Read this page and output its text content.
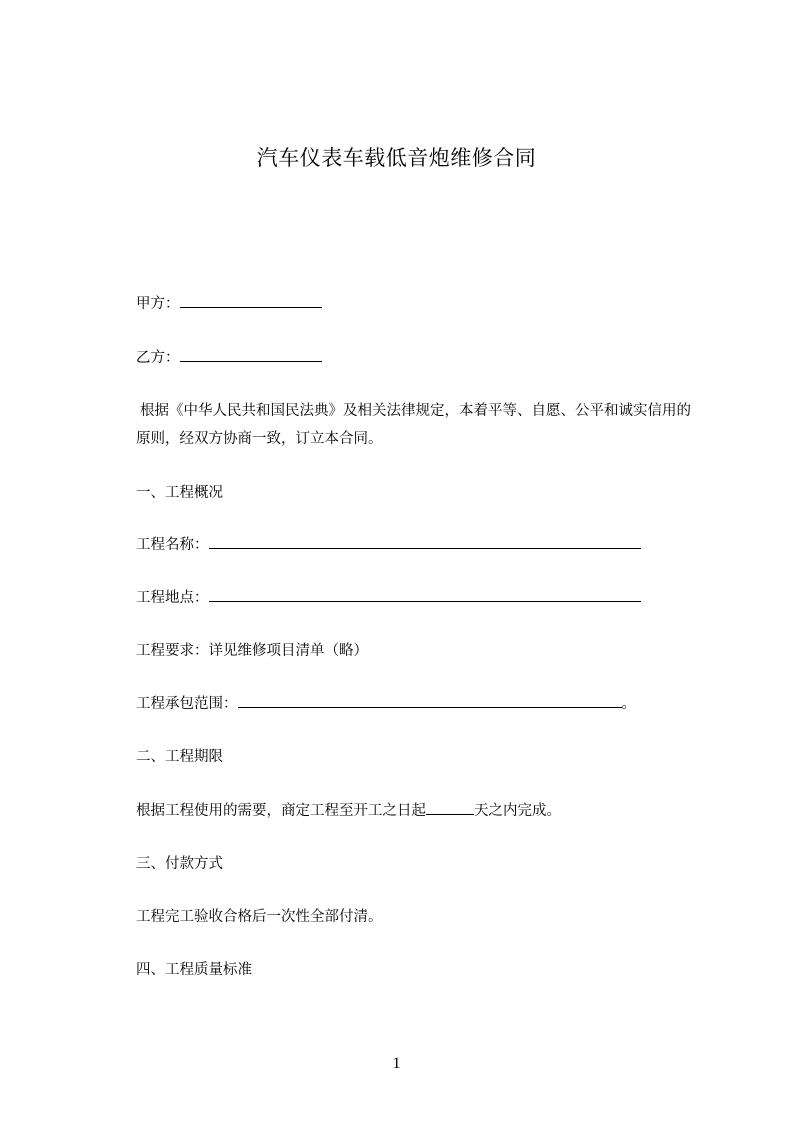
汽车仪表车载低音炮维修合同
甲方：
乙方：
根据《中华人民共和国民法典》及相关法律规定，本着平等、自愿、公平和诚实信用的原则，经双方协商一致，订立本合同。
一、工程概况
工程名称：
工程地点：
工程要求：详见维修项目清单（略）
工程承包范围：	。
二、工程期限
根据工程使用的需要，商定工程至开工之日起	天之内完成。
三、付款方式
工程完工验收合格后一次性全部付清。
四、工程质量标准
1
